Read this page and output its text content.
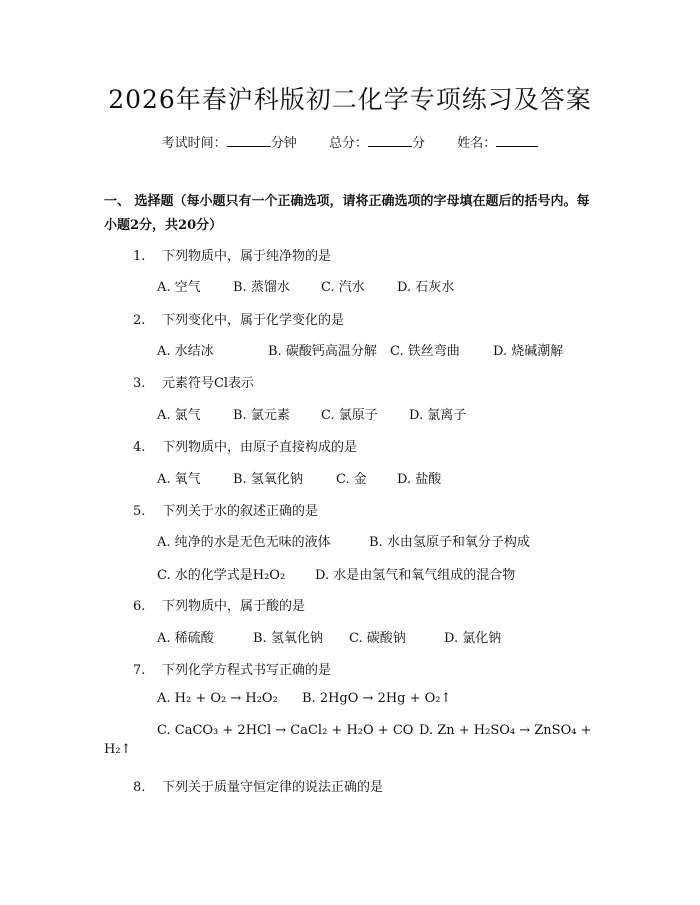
2026年春沪科版初二化学专项练习及答案
考试时间：	分钟 总分：	分 姓名：
一、 选择题（每小题只有一个正确选项，请将正确选项的字母填在题后的括号内。每小题2分，共20分）
1. 下列物质中，属于纯净物的是
A. 空气 B. 蒸馏水 C. 汽水 D. 石灰水
2. 下列变化中，属于化学变化的是
A. 水结冰	B. 碳酸钙高温分解 C. 铁丝弯曲	D. 烧碱潮解
3. 元素符号Cl表示
A. 氯气 B. 氯元素 C. 氯原子 D. 氯离子
4. 下列物质中，由原子直接构成的是
A. 氧气 B. 氢氧化钠	C. 金 D. 盐酸
5. 下列关于水的叙述正确的是
A. 纯净的水是无色无味的液体	B. 水由氢原子和氧分子构成
C. 水的化学式是H₂O₂ D. 水是由氢气和氧气组成的混合物
6. 下列物质中，属于酸的是
A. 稀硫酸	B. 氢氧化钠 C. 碳酸钠	D. 氯化钠
7. 下列化学方程式书写正确的是
A. H₂ + O₂ → H₂O₂ B. 2HgO → 2Hg + O₂↑
C. CaCO₃ + 2HCl → CaCl₂ + H₂O + CO D. Zn + H₂SO₄ → ZnSO₄ +
H₂↑
8. 下列关于质量守恒定律的说法正确的是
